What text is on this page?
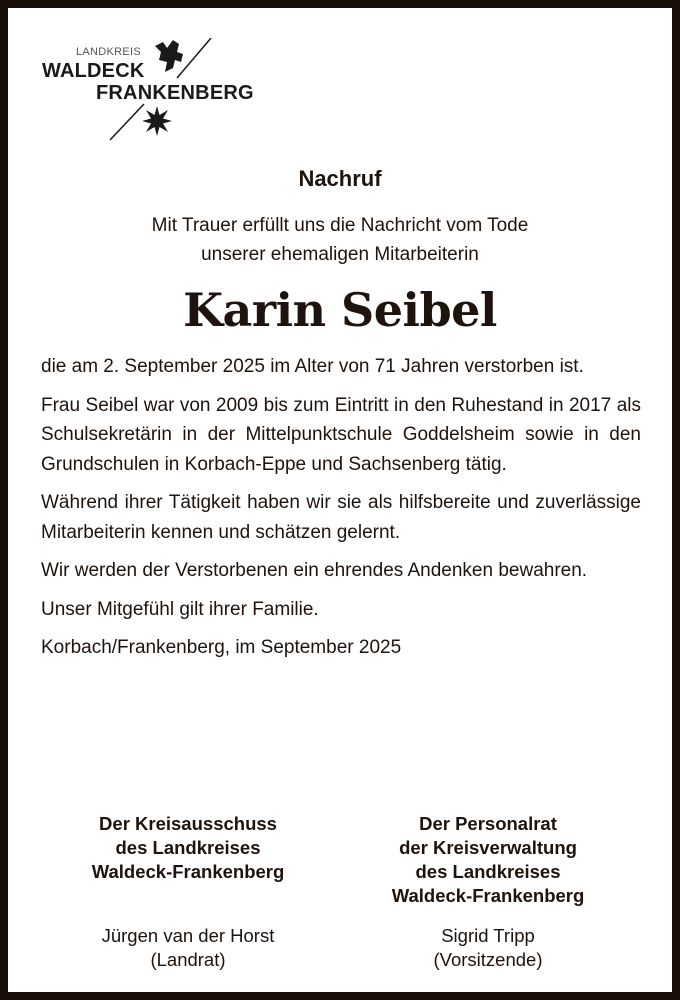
LANDKREIS
WALDECK
FRANKENBERG
Nachruf
Mit Trauer erfüllt uns die Nachricht vom Tode
unserer ehemaligen Mitarbeiterin
Karin Seibel

die am 2. September 2025 im Alter von 71 Jahren verstorben ist.

Frau Seibel war von 2009 bis zum Eintritt in den Ruhestand in 2017 als Schulsekretärin in der Mittelpunktschule Goddelsheim sowie in den Grundschulen in Korbach-Eppe und Sachsenberg tätig.

Während ihrer Tätigkeit haben wir sie als hilfsbereite und zuverlässige Mitarbeiterin kennen und schätzen gelernt.

Wir werden der Verstorbenen ein ehrendes Andenken bewahren.

Unser Mitgefühl gilt ihrer Familie.

Korbach/Frankenberg, im September 2025

Der Kreisausschuss
des Landkreises
Waldeck-Frankenberg
Jürgen van der Horst
(Landrat)
Der Personalrat
der Kreisverwaltung
des Landkreises
Waldeck-Frankenberg
Sigrid Tripp
(Vorsitzende)
